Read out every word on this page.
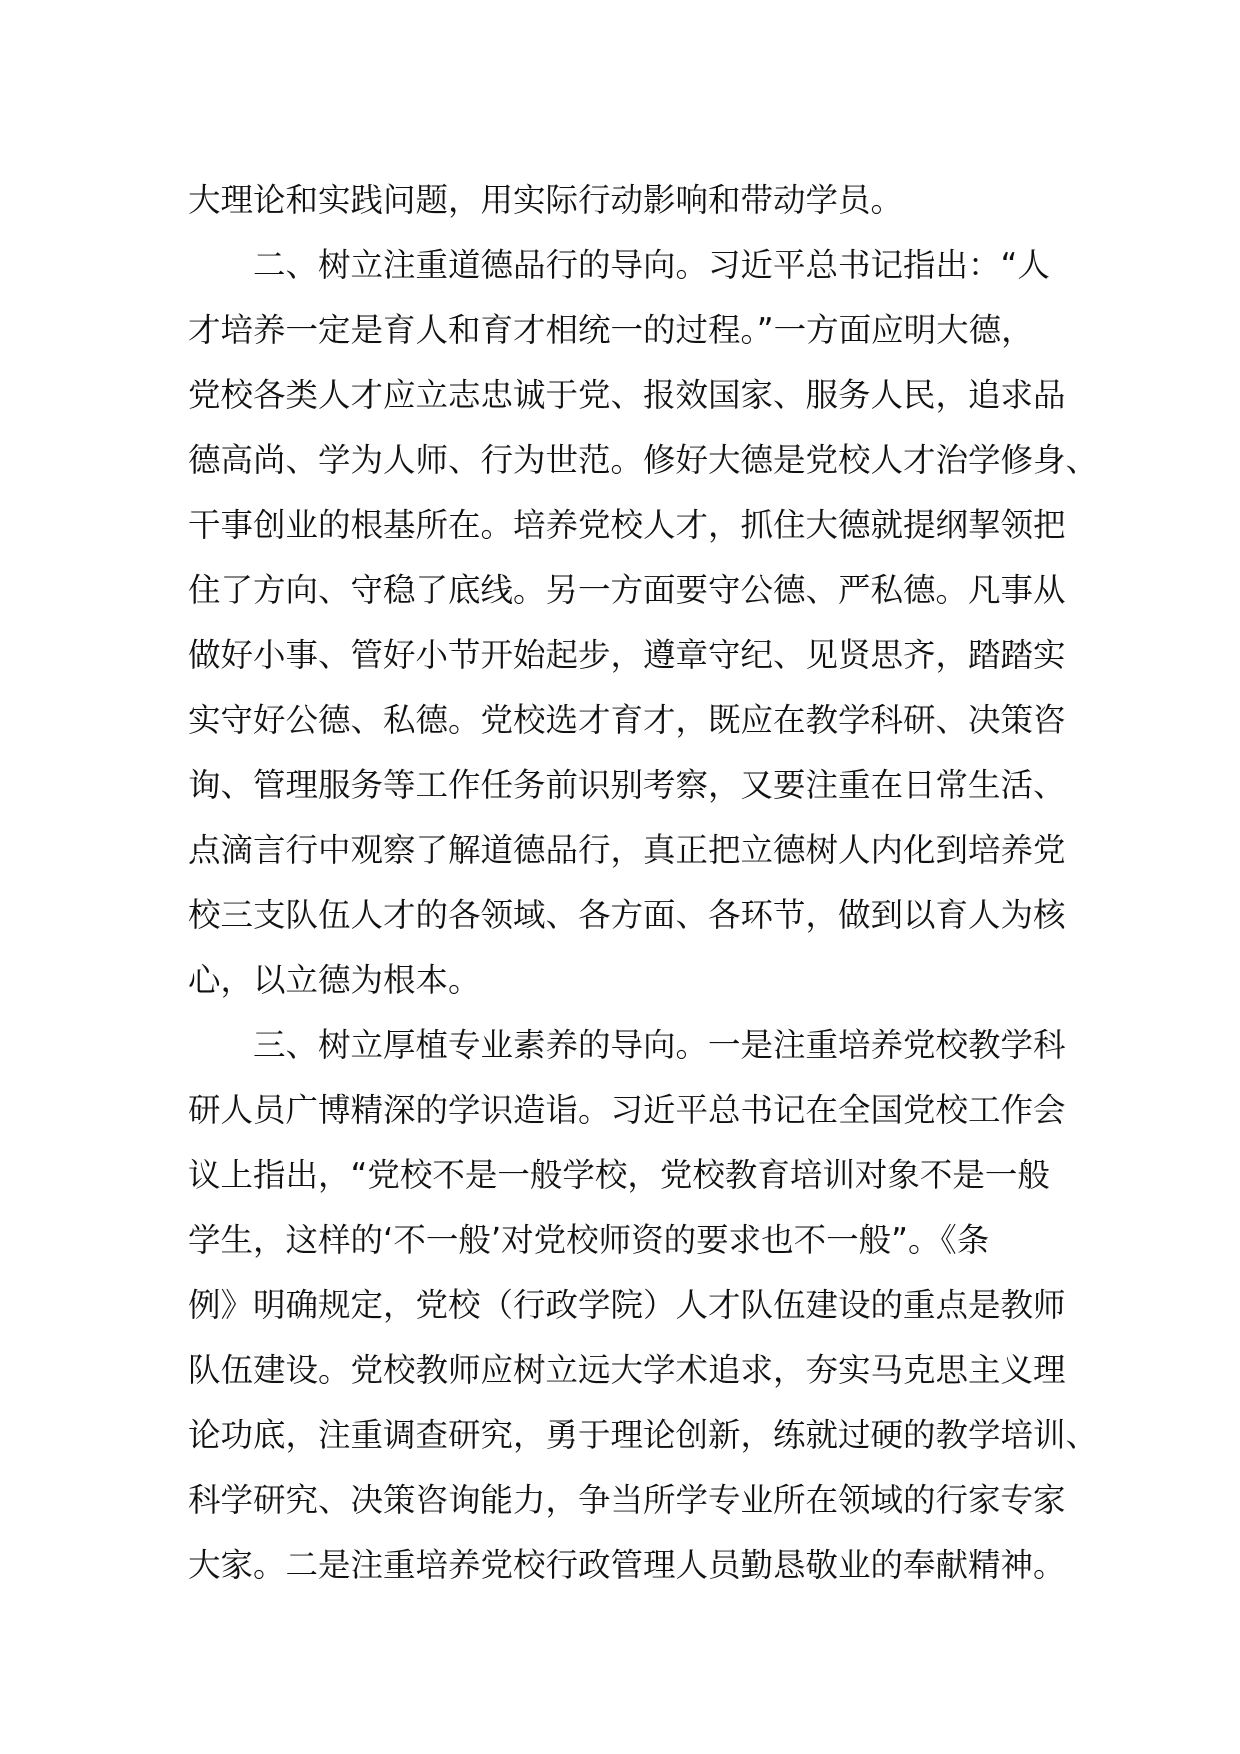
大理论和实践问题，用实际行动影响和带动学员。
　　二、树立注重道德品行的导向。习近平总书记指出：“人
才培养一定是育人和育才相统一的过程。”一方面应明大德，
党校各类人才应立志忠诚于党、报效国家、服务人民，追求品
德高尚、学为人师、行为世范。修好大德是党校人才治学修身、
干事创业的根基所在。培养党校人才，抓住大德就提纲挈领把
住了方向、守稳了底线。另一方面要守公德、严私德。凡事从
做好小事、管好小节开始起步，遵章守纪、见贤思齐，踏踏实
实守好公德、私德。党校选才育才，既应在教学科研、决策咨
询、管理服务等工作任务前识别考察，又要注重在日常生活、
点滴言行中观察了解道德品行，真正把立德树人内化到培养党
校三支队伍人才的各领域、各方面、各环节，做到以育人为核
心，以立德为根本。
　　三、树立厚植专业素养的导向。一是注重培养党校教学科
研人员广博精深的学识造诣。习近平总书记在全国党校工作会
议上指出，“党校不是一般学校，党校教育培训对象不是一般
学生，这样的‘不一般’对党校师资的要求也不一般”。《条
例》明确规定，党校（行政学院）人才队伍建设的重点是教师
队伍建设。党校教师应树立远大学术追求，夯实马克思主义理
论功底，注重调查研究，勇于理论创新，练就过硬的教学培训、
科学研究、决策咨询能力，争当所学专业所在领域的行家专家
大家。二是注重培养党校行政管理人员勤恳敬业的奉献精神。
